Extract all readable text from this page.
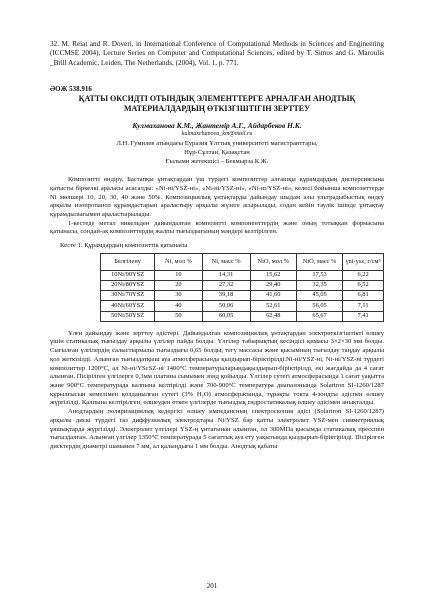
32. M. Reiat and R. Doveri, in International Conference of Computational Methods in Sciences and Engineering (ICCMSE 2004), Lecture Series on Computer and Computational Sciences, edited by T. Simos and G. Maroulis _Brill Academic, Leiden, The Netherlands, (2004), Vol. 1, p. 771.
ӘОЖ 538.916
ҚАТТЫ ОКСИДТІ ОТЫНДЫҚ ЭЛЕМЕНТТЕРГЕ АРНАЛҒАН АНОДТЫҚ
МАТЕРИАЛДАРДЫҢ ӨТКІЗГІШТІГІН ЗЕРТТЕУ
Кулмаханова К.М., Жантемір А.Г., Айдарбеков Н.К.
kulmaxchanova_km@mail.ru
Л.Н. Гумилев атындағы Еуразия Ұлттық университеті магистранттары,
Нұр-Сұлтан, Қазақстан
Ғылыми жетекшісі – Бекмырза К.Ж.

Композитті өндіру. Бастапқы ұнтақтардан үш түрдегі композиттер алғашқы құрамдардың дисперсиясына қатысты біркелкі араласы асасалды: «Ni-ні/YSZ-ні», «Ni-ні/YSZ-ні», «Ni-ні/YSZ-ні», келесі бойынша композиттерде Ni мөлшері 10, 20, 30, 40 және 50%. Композициялық ұнтақтарды дайындау шыдам алы ультрадыбыстық өндеу арқылы изопропанол құрамдастарын араластыру арқылы жүзеге асырылады, содан кейін таулік ішінде ұнтақтау құрамдылығымен араластырылады.

1-кестеде метал никельден дайындалған композитті компоненттердің және оның тотыққан формасына қатынасы, сондай-ақ композиттердің жалпы тығыздығының мәндері келтірілген.

Кесте 1. Құрамдардың композиттік қатынасы
Белгілену	Ni, мол %	Ni, масс %	NiO, мол %	NiO, масс %	γni-ysz, г/см³
10Ni/90YSZ	10	14,31	15,62	17,53	6,22
20Ni/80YSZ	20	27,32	29,40	32,35	6,52
30Ni/70YSZ	30	39,18	41,60	45,05	6,81
40Ni/60YSZ	40	50,06	52,61	56,05	7,11
50Ni/50YSZ	50	60,05	62,48	65,67	7,41

Ұлғи дайындау және зерттеу әдістері. Дайындалған композициялық ұнтақтардан электрөткізгіштікті өлшеу үшін статикалық тығыздау арқылы үлгілер пайда болды. Үлгілер табырықтың кесіндісі қимасы 3×2×30 мм болды. Сығылған үлгілердің салыстырмалы тығыздығы 0,65 болды, тегу массасы және қысымның тығыздау таңдау арқылы қол жеткізілді. Алынған тығыздатқыш ауа атмосферасында қыздырып-біріктірілді.Ni-ні/YSZ-ні, Ni-ні/YSZ-ні түрдегі композиттер 1200°С, ал Ni-ні/YScSZ-ні 1400°С температураларындақыздырып-біріктірілді, екі жағдайда да 4 сағат алынған. Пісірілген үлгілерге 0,3мм платина сымымен зонд қойылды. Үлгілер сутегі атмосферасында 1 сағат уақытта және 900°С температурада калпына келтірілді және 700-900°С температура диапазонында Solartron SI-1260/1287 құрылғысын кемелімен қолданылған сутегі (3% Н₂О) атмосферасында, тұрақты токта 4-зондты әдіспен өлшеу жүргізілді. Қалпына келтірілген, өлшеуден өткен үлгілерде тығыздық гидростатикалық өлшеу әдісімен анықталды.

Анодтардың поляризациялық кедергісі өлшеу импедансның спектроскопия әдісі (Solartron SI-1260/1287) арқылы дискі түрдегі газ диффузиялық электродтары Ni/YSZ бар қатты электролит YSZ-мен симметриялық ұяшықтарда жүргізілді. Электролит үлгілері YSZ-ң ұнтағынан алынған, ол 300МПа қысымда статикалық пресспен тығыздалған. Алынған үлгілер 1350°С температурада 5 сағаттық ауа ету уақытында қыздырып-біріктірілді. Пісірілген дисктердің диаметрі шамамен 7 мм, ал қалыңдығы 1 мм болды. Анодтық қабаты

201
